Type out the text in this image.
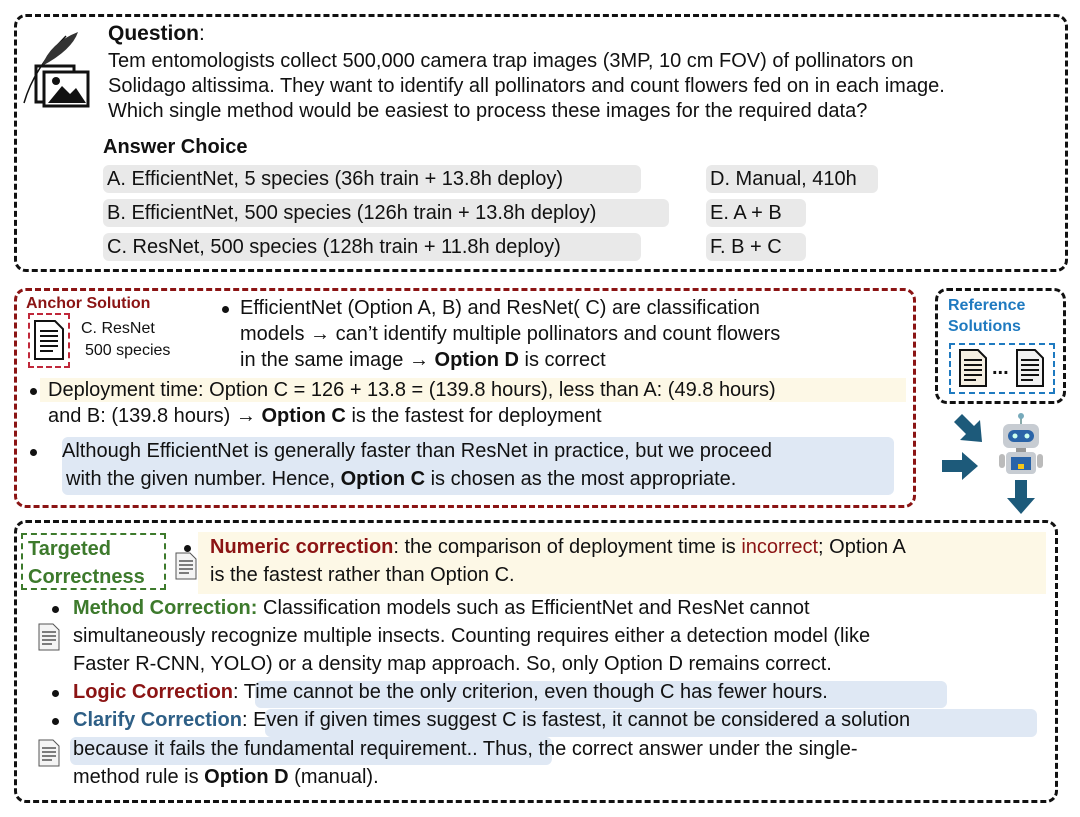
Question:
Tem entomologists collect 500,000 camera trap images (3MP, 10 cm FOV) of pollinators on
Solidago altissima. They want to identify all pollinators and count flowers fed on in each image.
Which single method would be easiest to process these images for the required data?
Answer Choice
A. EfficientNet, 5 species (36h train + 13.8h deploy)
B. EfficientNet, 500 species (126h train + 13.8h deploy)
C. ResNet, 500 species (128h train + 11.8h deploy)
D. Manual, 410h
E. A + B
F. B + C
Anchor Solution
C. ResNet
500 species
EfficientNet (Option A, B) and ResNet( C) are classification
models → can’t identify multiple pollinators and count flowers
in the same image → Option D is correct
Deployment time: Option C = 126 + 13.8 = (139.8 hours), less than A: (49.8 hours)
and B: (139.8 hours) → Option C is the fastest for deployment
Although EfficientNet is generally faster than ResNet in practice, but we proceed
with the given number. Hence, Option C is chosen as the most appropriate.
Reference
Solutions
...
Targeted
Correctness
Numeric correction: the comparison of deployment time is incorrect; Option A
is the fastest rather than Option C.
Method Correction: Classification models such as EfficientNet and ResNet cannot
simultaneously recognize multiple insects. Counting requires either a detection model (like
Faster R-CNN, YOLO) or a density map approach. So, only Option D remains correct.
Logic Correction: Time cannot be the only criterion, even though C has fewer hours.
Clarify Correction: Even if given times suggest C is fastest, it cannot be considered a solution
because it fails the fundamental requirement.. Thus, the correct answer under the single-
method rule is Option D (manual).
